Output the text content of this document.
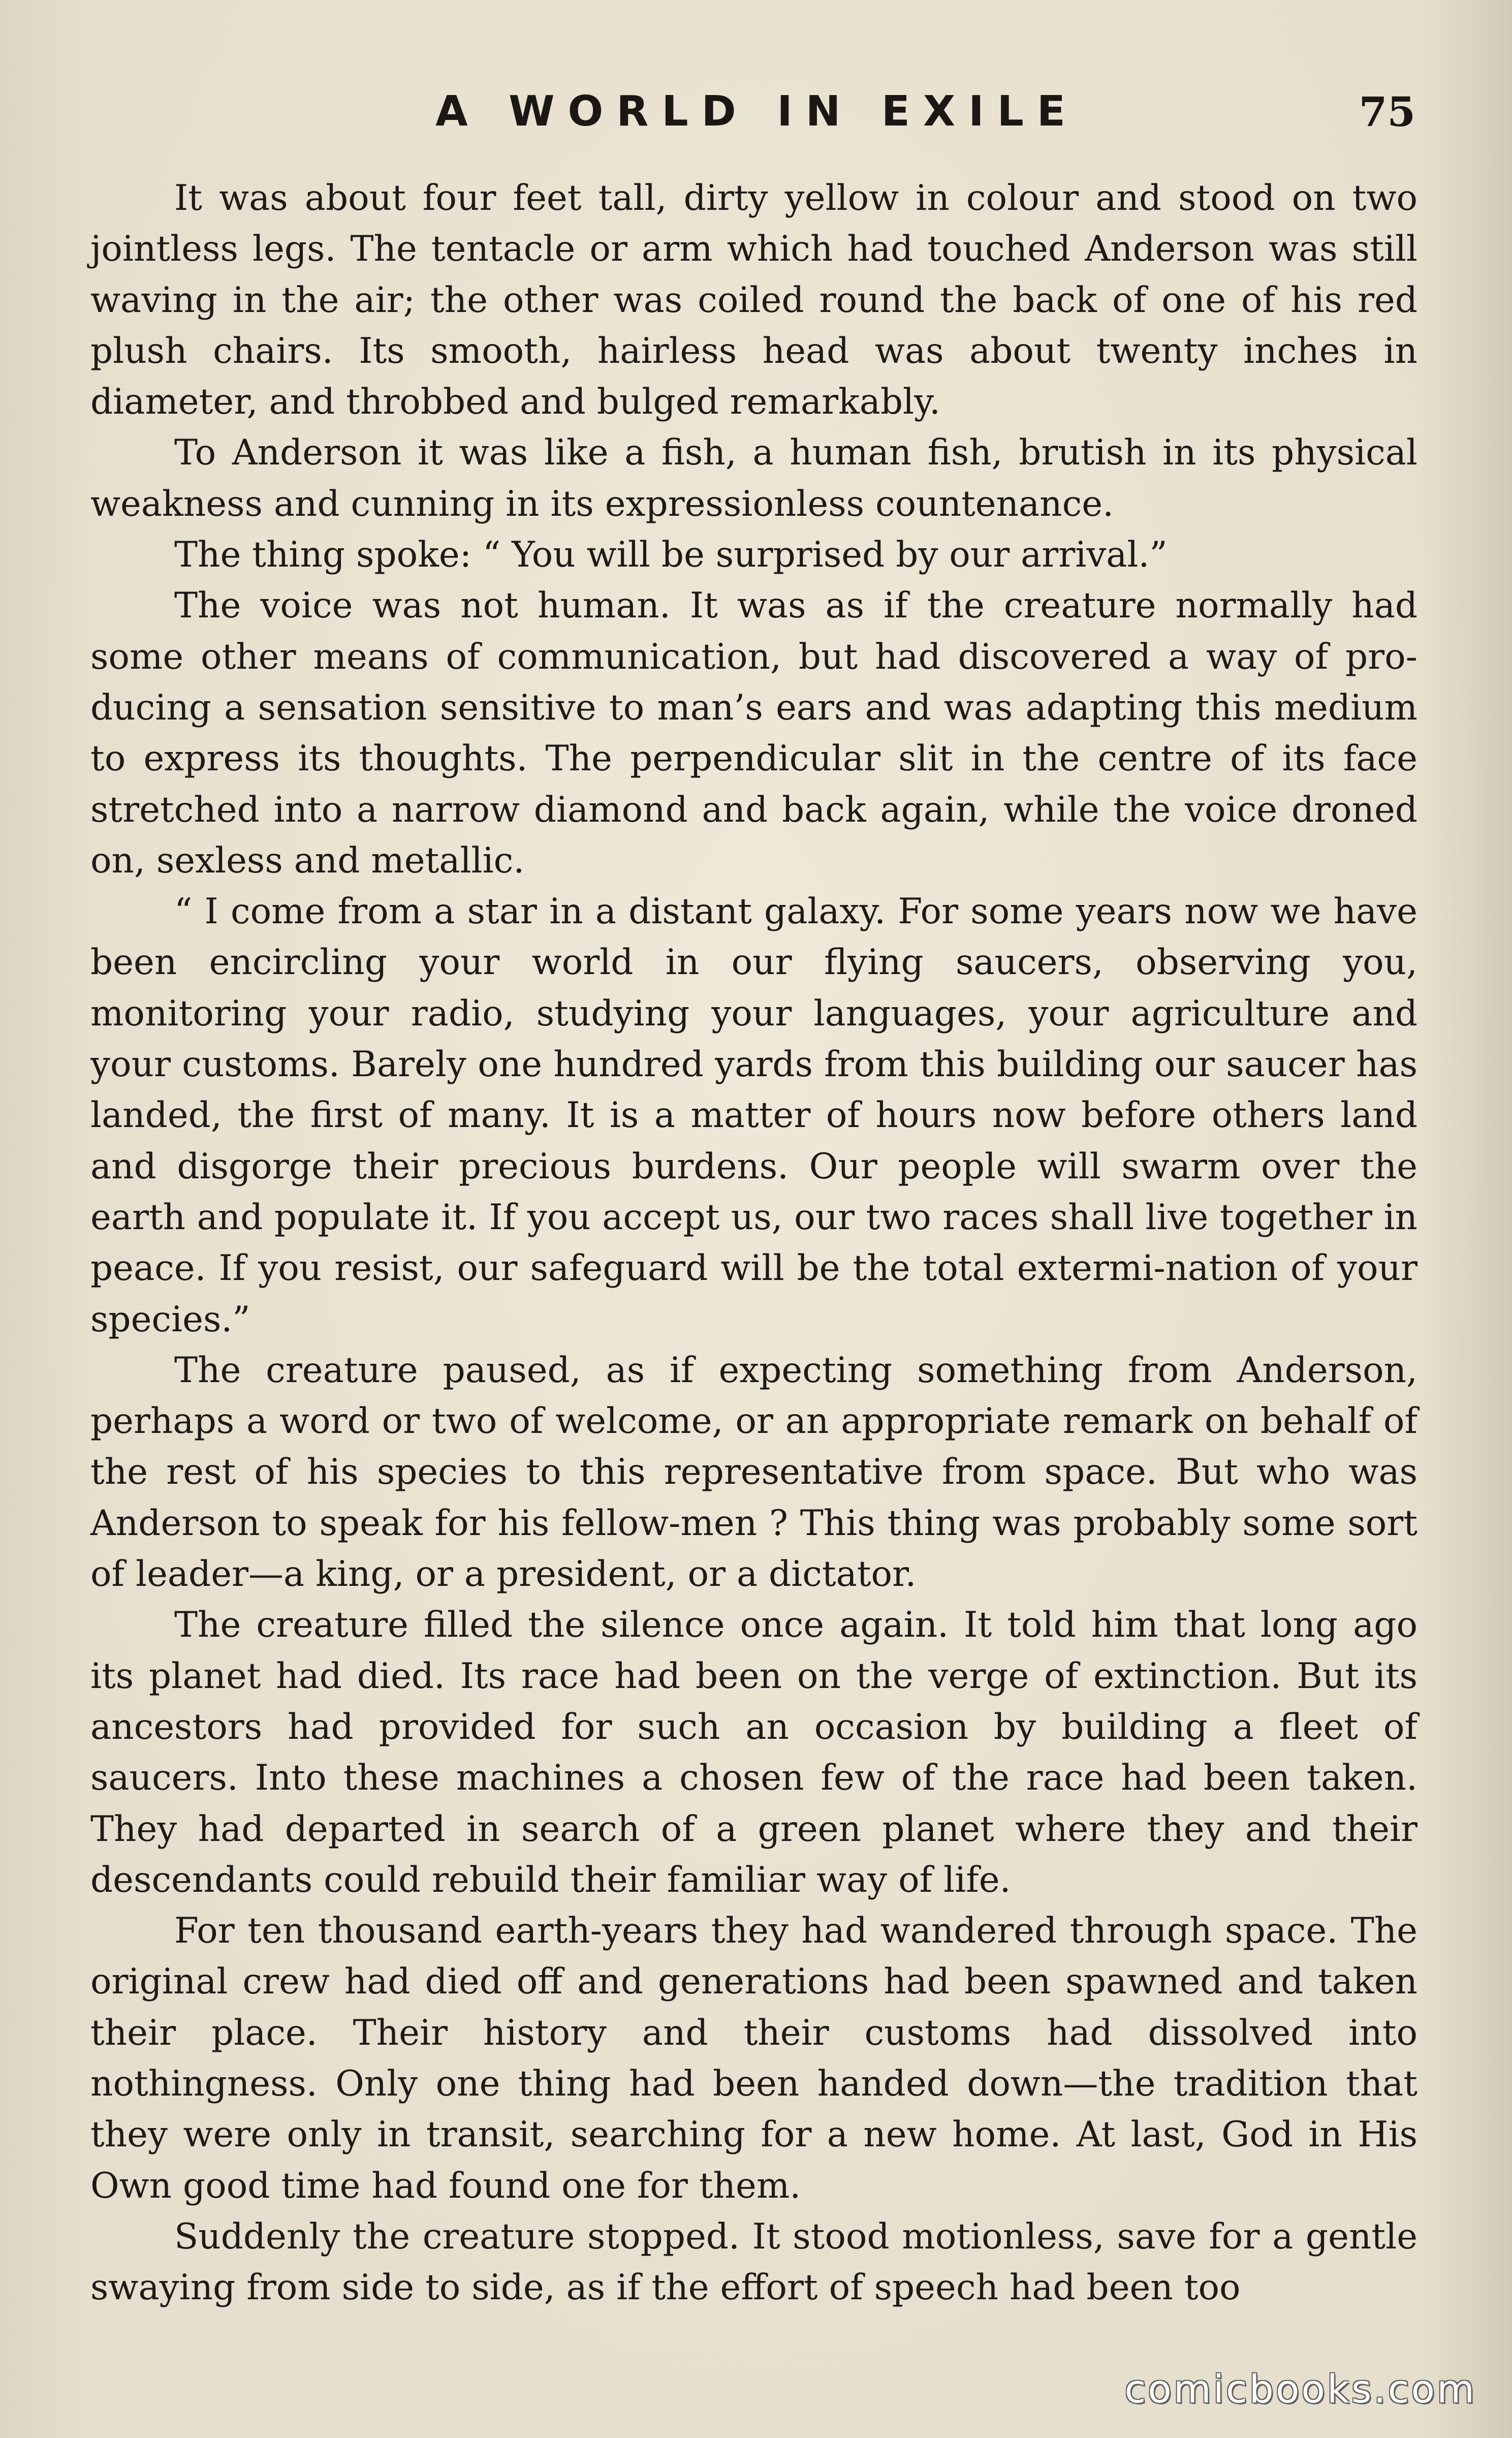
A WORLD IN EXILE	75

It was about four feet tall, dirty yellow in colour and stood on two jointless legs. The tentacle or arm which had touched Anderson was still waving in the air; the other was coiled round the back of one of his red plush chairs. Its smooth, hairless head was about twenty inches in diameter, and throbbed and bulged remarkably.

To Anderson it was like a fish, a human fish, brutish in its physical weakness and cunning in its expressionless countenance.

The thing spoke: “ You will be surprised by our arrival.”

The voice was not human. It was as if the creature normally had some other means of communication, but had discovered a way of pro-ducing a sensation sensitive to man’s ears and was adapting this medium to express its thoughts. The perpendicular slit in the centre of its face stretched into a narrow diamond and back again, while the voice droned on, sexless and metallic.

“ I come from a star in a distant galaxy. For some years now we have been encircling your world in our flying saucers, observing you, monitoring your radio, studying your languages, your agriculture and your customs. Barely one hundred yards from this building our saucer has landed, the first of many. It is a matter of hours now before others land and disgorge their precious burdens. Our people will swarm over the earth and populate it. If you accept us, our two races shall live together in peace. If you resist, our safeguard will be the total extermi-nation of your species.”

The creature paused, as if expecting something from Anderson, perhaps a word or two of welcome, or an appropriate remark on behalf of the rest of his species to this representative from space. But who was Anderson to speak for his fellow-men ? This thing was probably some sort of leader—a king, or a president, or a dictator.

The creature filled the silence once again. It told him that long ago its planet had died. Its race had been on the verge of extinction. But its ancestors had provided for such an occasion by building a fleet of saucers. Into these machines a chosen few of the race had been taken. They had departed in search of a green planet where they and their descendants could rebuild their familiar way of life.

For ten thousand earth-years they had wandered through space. The original crew had died off and generations had been spawned and taken their place. Their history and their customs had dissolved into nothingness. Only one thing had been handed down—the tradition that they were only in transit, searching for a new home. At last, God in His Own good time had found one for them.

Suddenly the creature stopped. It stood motionless, save for a gentle swaying from side to side, as if the effort of speech had been too

comicbooks.com
